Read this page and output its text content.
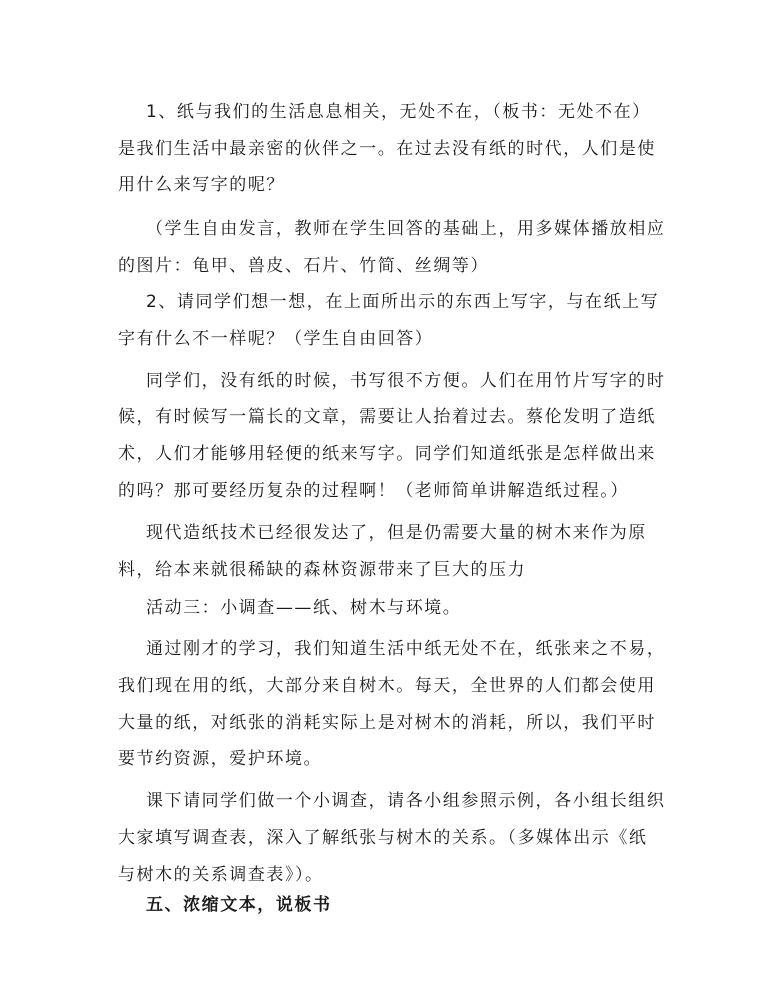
1、纸与我们的生活息息相关，无处不在，（板书：无处不在）
是我们生活中最亲密的伙伴之一。在过去没有纸的时代，人们是使
用什么来写字的呢？
（学生自由发言，教师在学生回答的基础上，用多媒体播放相应
的图片：龟甲、兽皮、石片、竹简、丝绸等）
2、请同学们想一想，在上面所出示的东西上写字，与在纸上写
字有什么不一样呢？（学生自由回答）
同学们，没有纸的时候，书写很不方便。人们在用竹片写字的时
候，有时候写一篇长的文章，需要让人抬着过去。蔡伦发明了造纸
术，人们才能够用轻便的纸来写字。同学们知道纸张是怎样做出来
的吗？那可要经历复杂的过程啊！（老师简单讲解造纸过程。）
现代造纸技术已经很发达了，但是仍需要大量的树木来作为原
料，给本来就很稀缺的森林资源带来了巨大的压力
活动三：小调查——纸、树木与环境。
通过刚才的学习，我们知道生活中纸无处不在，纸张来之不易，
我们现在用的纸，大部分来自树木。每天，全世界的人们都会使用
大量的纸，对纸张的消耗实际上是对树木的消耗，所以，我们平时
要节约资源，爱护环境。
课下请同学们做一个小调查，请各小组参照示例，各小组长组织
大家填写调查表，深入了解纸张与树木的关系。（多媒体出示《纸
与树木的关系调查表》）。
五、浓缩文本，说板书
